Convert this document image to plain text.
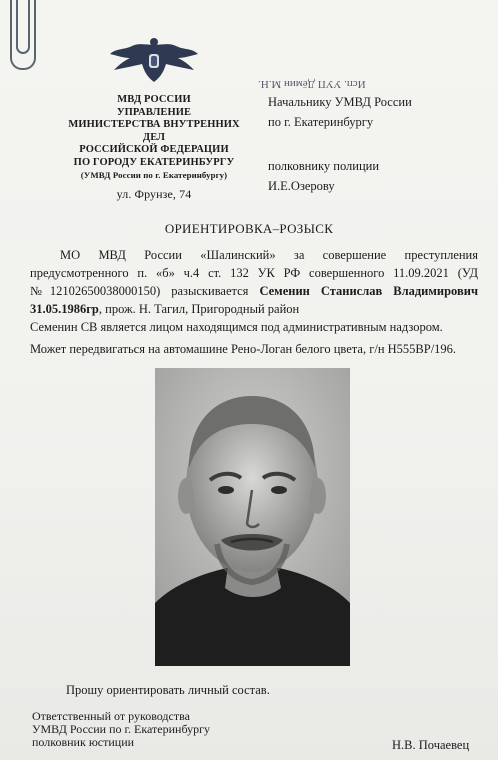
МВД РОССИИ
УПРАВЛЕНИЕ
МИНИСТЕРСТВА ВНУТРЕННИХ ДЕЛ
РОССИЙСКОЙ ФЕДЕРАЦИИ
ПО ГОРОДУ ЕКАТЕРИНБУРГУ
(УМВД России по г. Екатеринбургу)
ул. Фрунзе, 74
Исп. УУП Дёмин М.Н.
Начальнику УМВД России
по г. Екатеринбургу
полковнику полиции
И.Е.Озерову
ОРИЕНТИРОВКА–РОЗЫСК

МО МВД России «Шалинский» за совершение преступления

предусмотренного п. «б» ч.4 ст. 132 УК РФ совершенного 11.09.2021 (УД

№12102650038000150) разыскивается Семенин Станислав Владимирович

31.05.1986гр, прож. Н. Тагил, Пригородный район

Семенин СВ является лицом находящимся под административным надзором.

Может передвигаться на автомашине Рено-Логан белого цвета, г/н Н555ВР/196.

Прошу ориентировать личный состав.
Ответственный от руководства
УМВД России по г. Екатеринбургу
полковник юстиции	Н.В. Почаевец
